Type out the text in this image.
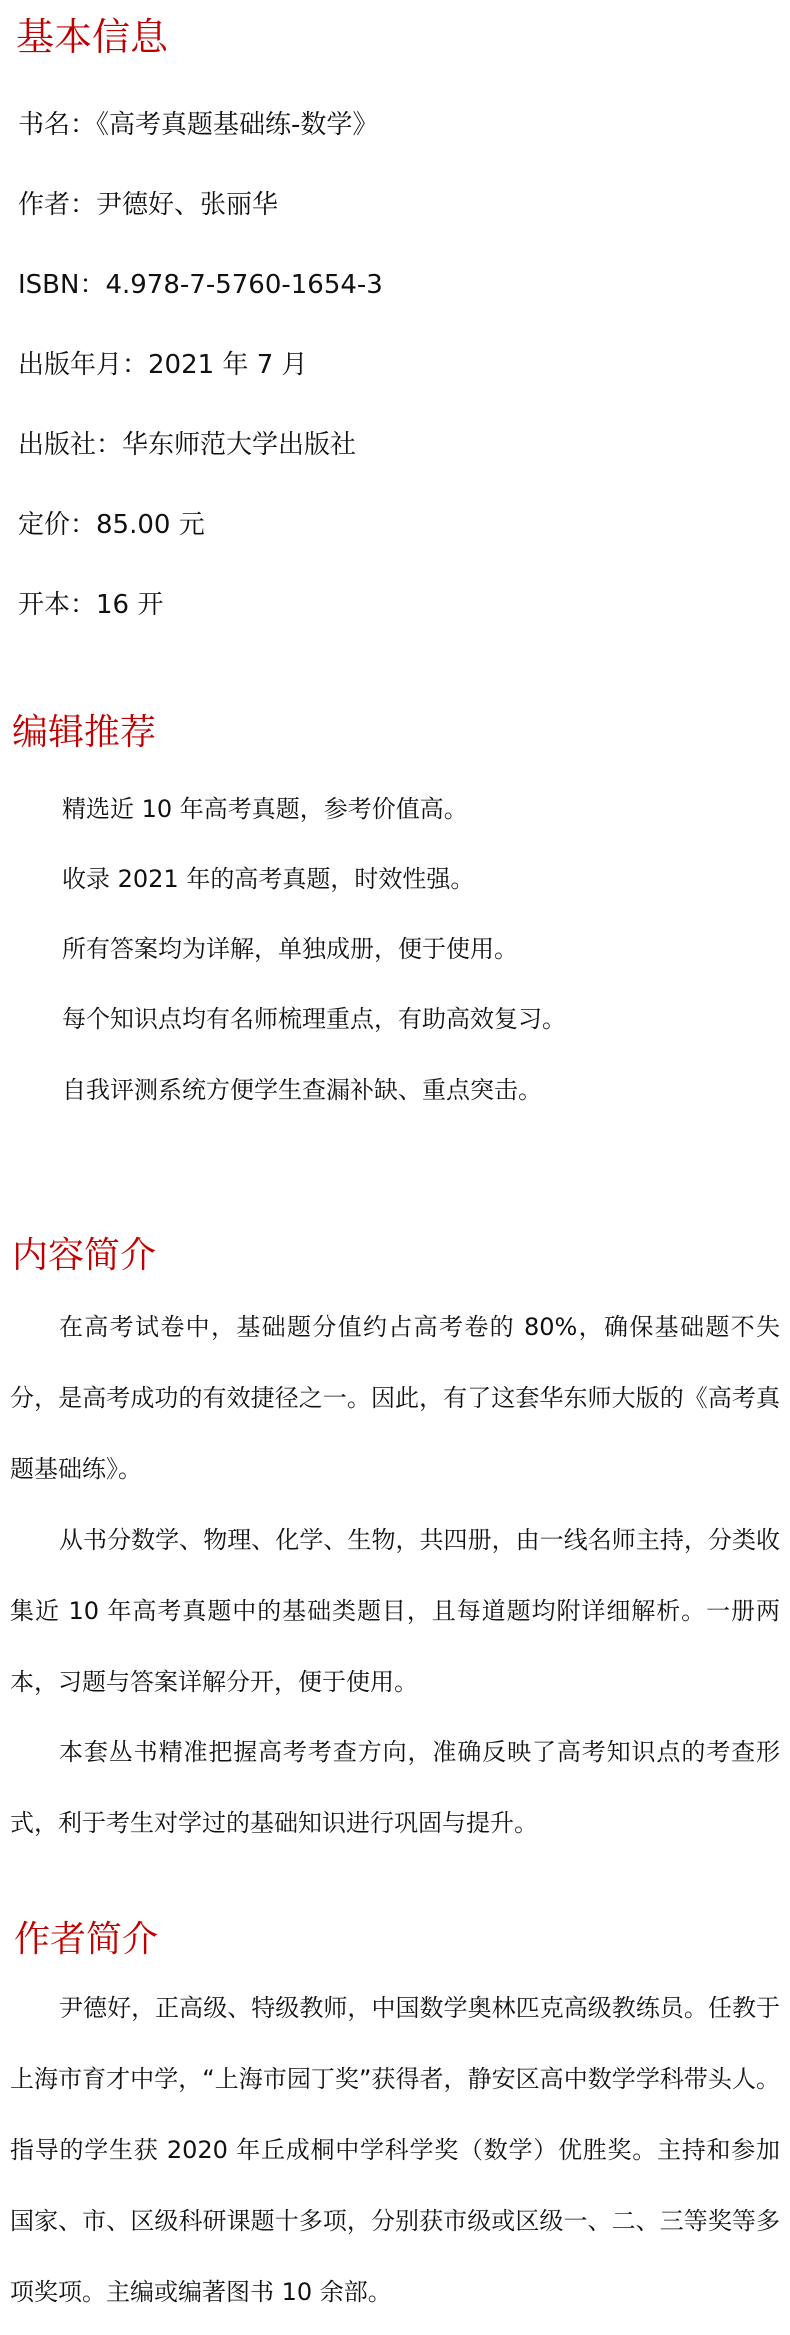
基本信息
书名：《高考真题基础练-数学》
作者：尹德好、张丽华
ISBN：4.978-7-5760-1654-3
出版年月：2021 年 7 月
出版社：华东师范大学出版社
定价：85.00 元
开本：16 开
编辑推荐
精选近 10 年高考真题，参考价值高。
收录 2021 年的高考真题，时效性强。
所有答案均为详解，单独成册，便于使用。
每个知识点均有名师梳理重点，有助高效复习。
自我评测系统方便学生查漏补缺、重点突击。
内容简介

在高考试卷中，基础题分值约占高考卷的 80%，确保基础题不失分，是高考成功的有效捷径之一。因此，有了这套华东师大版的《高考真题基础练》。

从书分数学、物理、化学、生物，共四册，由一线名师主持，分类收集近 10 年高考真题中的基础类题目，且每道题均附详细解析。一册两本，习题与答案详解分开，便于使用。

本套丛书精准把握高考考查方向，准确反映了高考知识点的考查形式，利于考生对学过的基础知识进行巩固与提升。

作者简介

尹德好，正高级、特级教师，中国数学奥林匹克高级教练员。任教于上海市育才中学，“上海市园丁奖”获得者，静安区高中数学学科带头人。指导的学生获 2020 年丘成桐中学科学奖（数学）优胜奖。主持和参加国家、市、区级科研课题十多项，分别获市级或区级一、二、三等奖等多项奖项。主编或编著图书 10 余部。
